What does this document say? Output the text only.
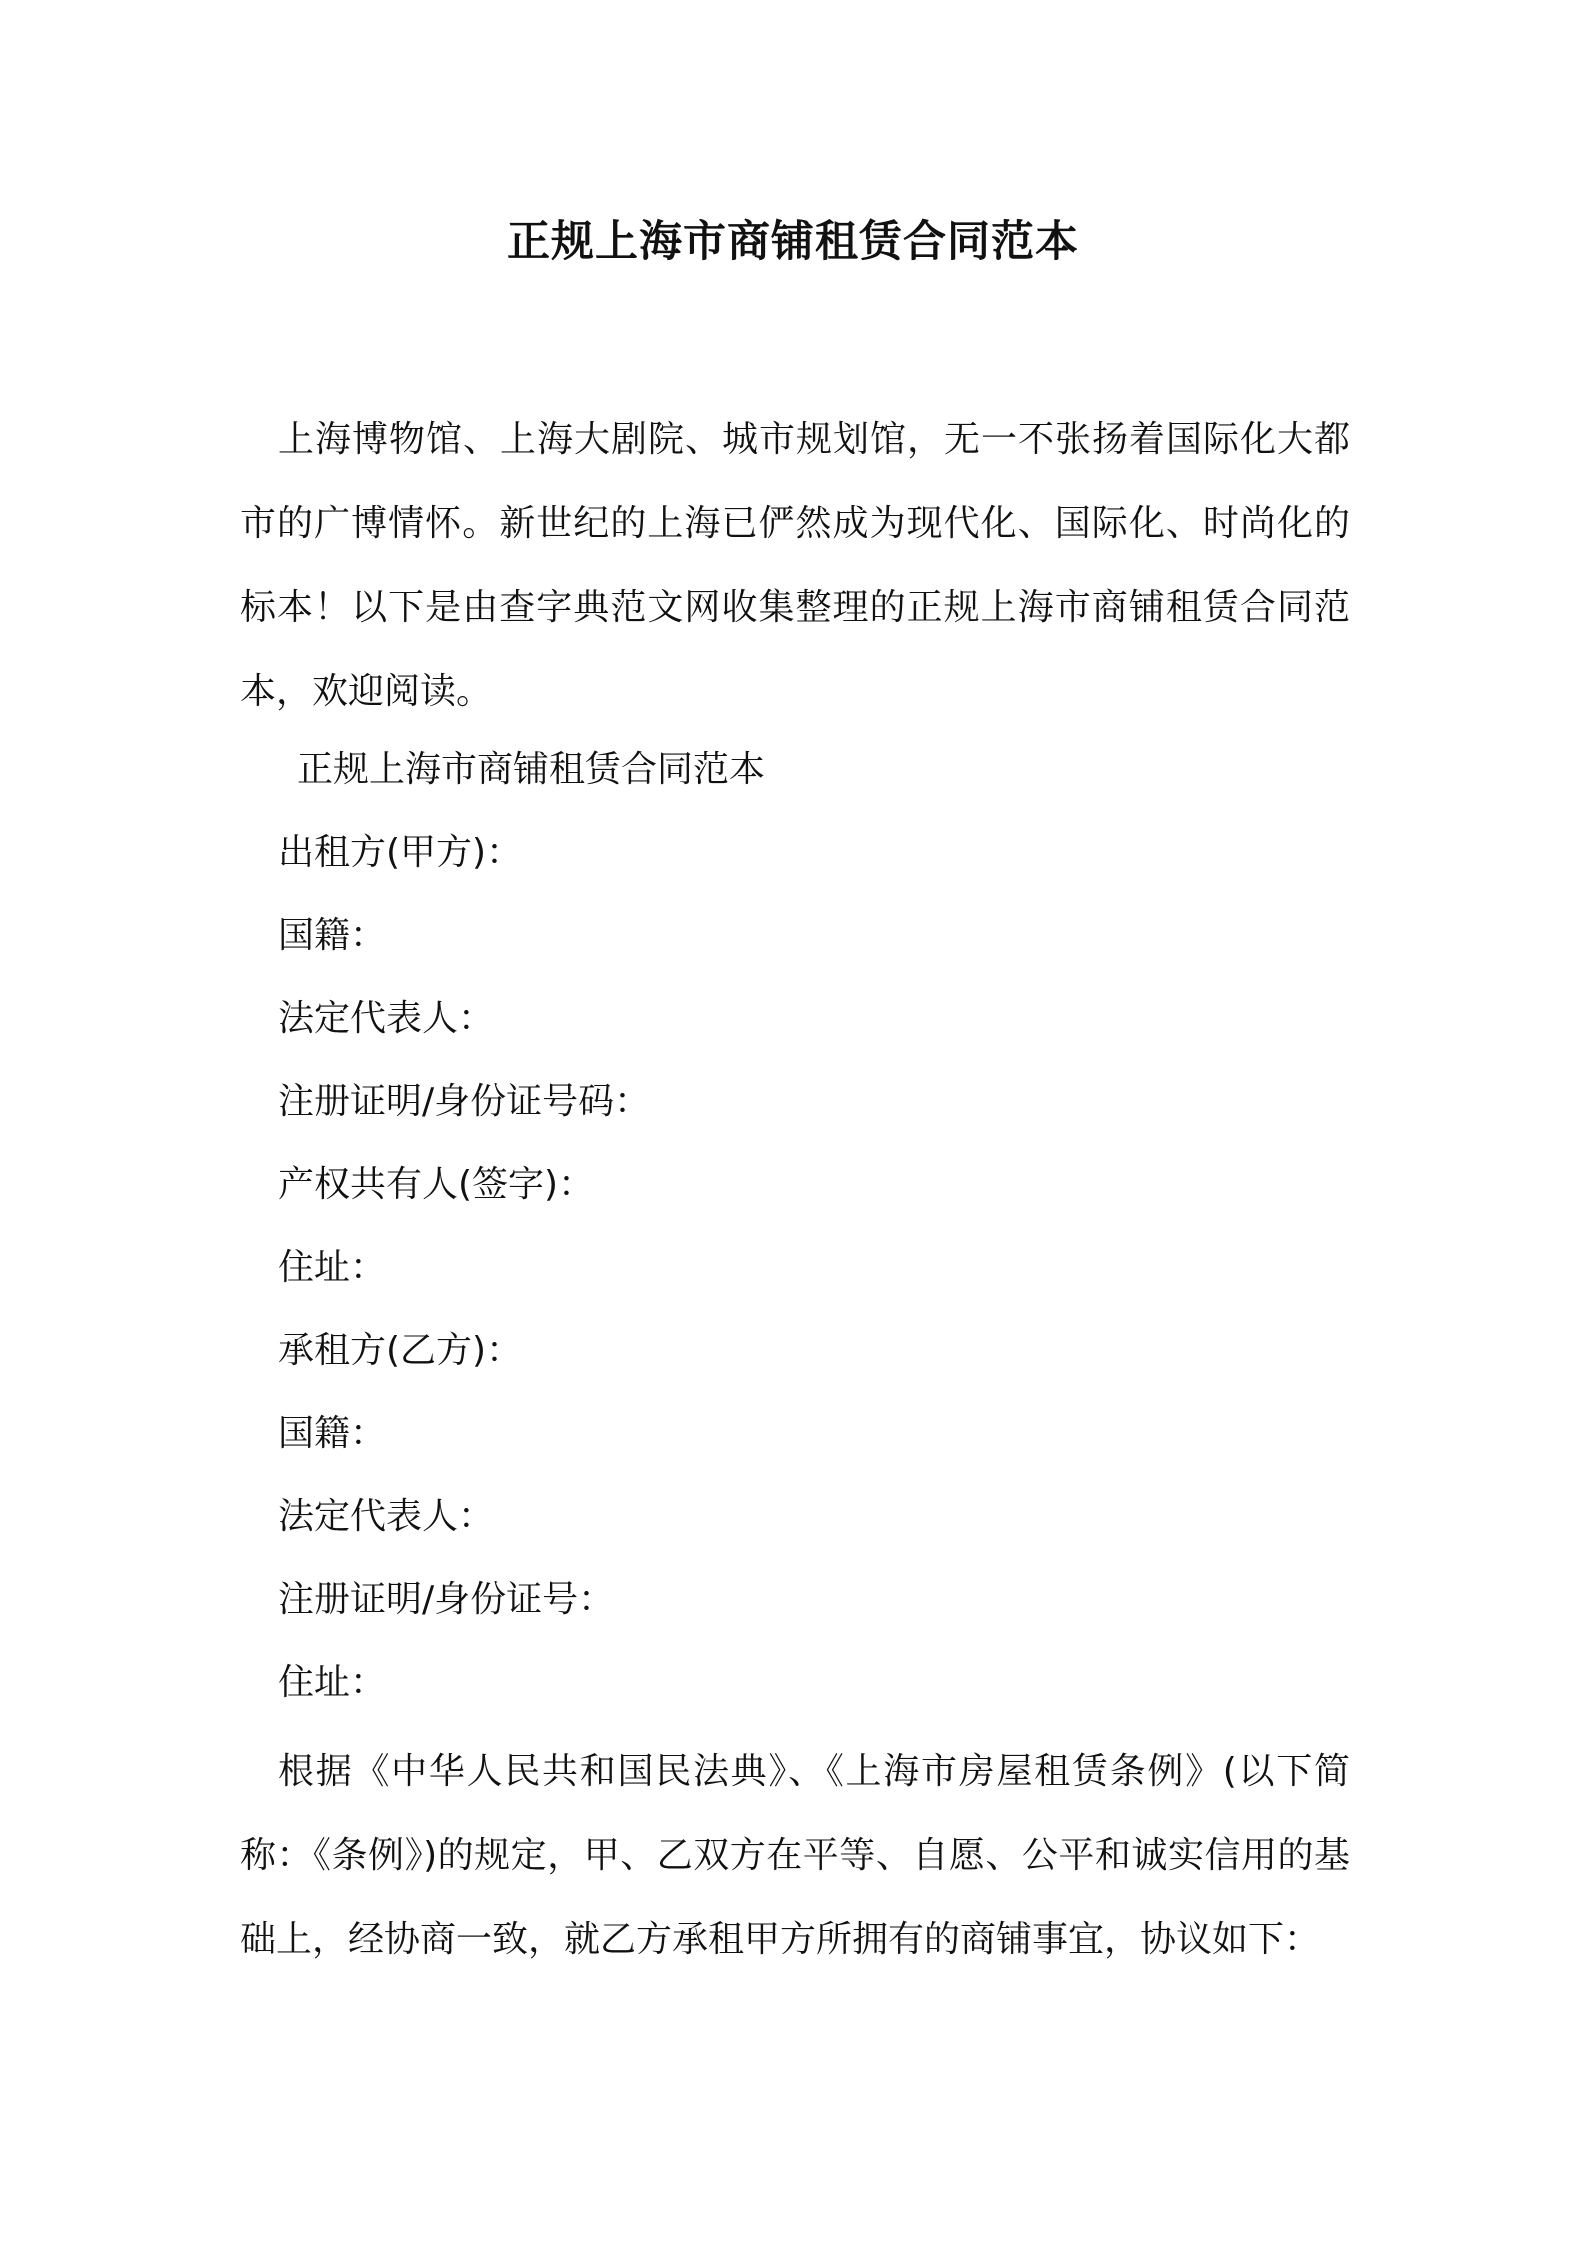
正规上海市商铺租赁合同范本

上海博物馆、上海大剧院、城市规划馆，无一不张扬着国际化大都市的广博情怀。新世纪的上海已俨然成为现代化、国际化、时尚化的标本！以下是由查字典范文网收集整理的正规上海市商铺租赁合同范本，欢迎阅读。

正规上海市商铺租赁合同范本

出租方(甲方)：

国籍：

法定代表人：

注册证明/身份证号码：

产权共有人(签字)：

住址：

承租方(乙方)：

国籍：

法定代表人：

注册证明/身份证号：

住址：

根据《中华人民共和国民法典》、《上海市房屋租赁条例》(以下简称：《条例》)的规定，甲、乙双方在平等、自愿、公平和诚实信用的基础上，经协商一致，就乙方承租甲方所拥有的商铺事宜，协议如下：
